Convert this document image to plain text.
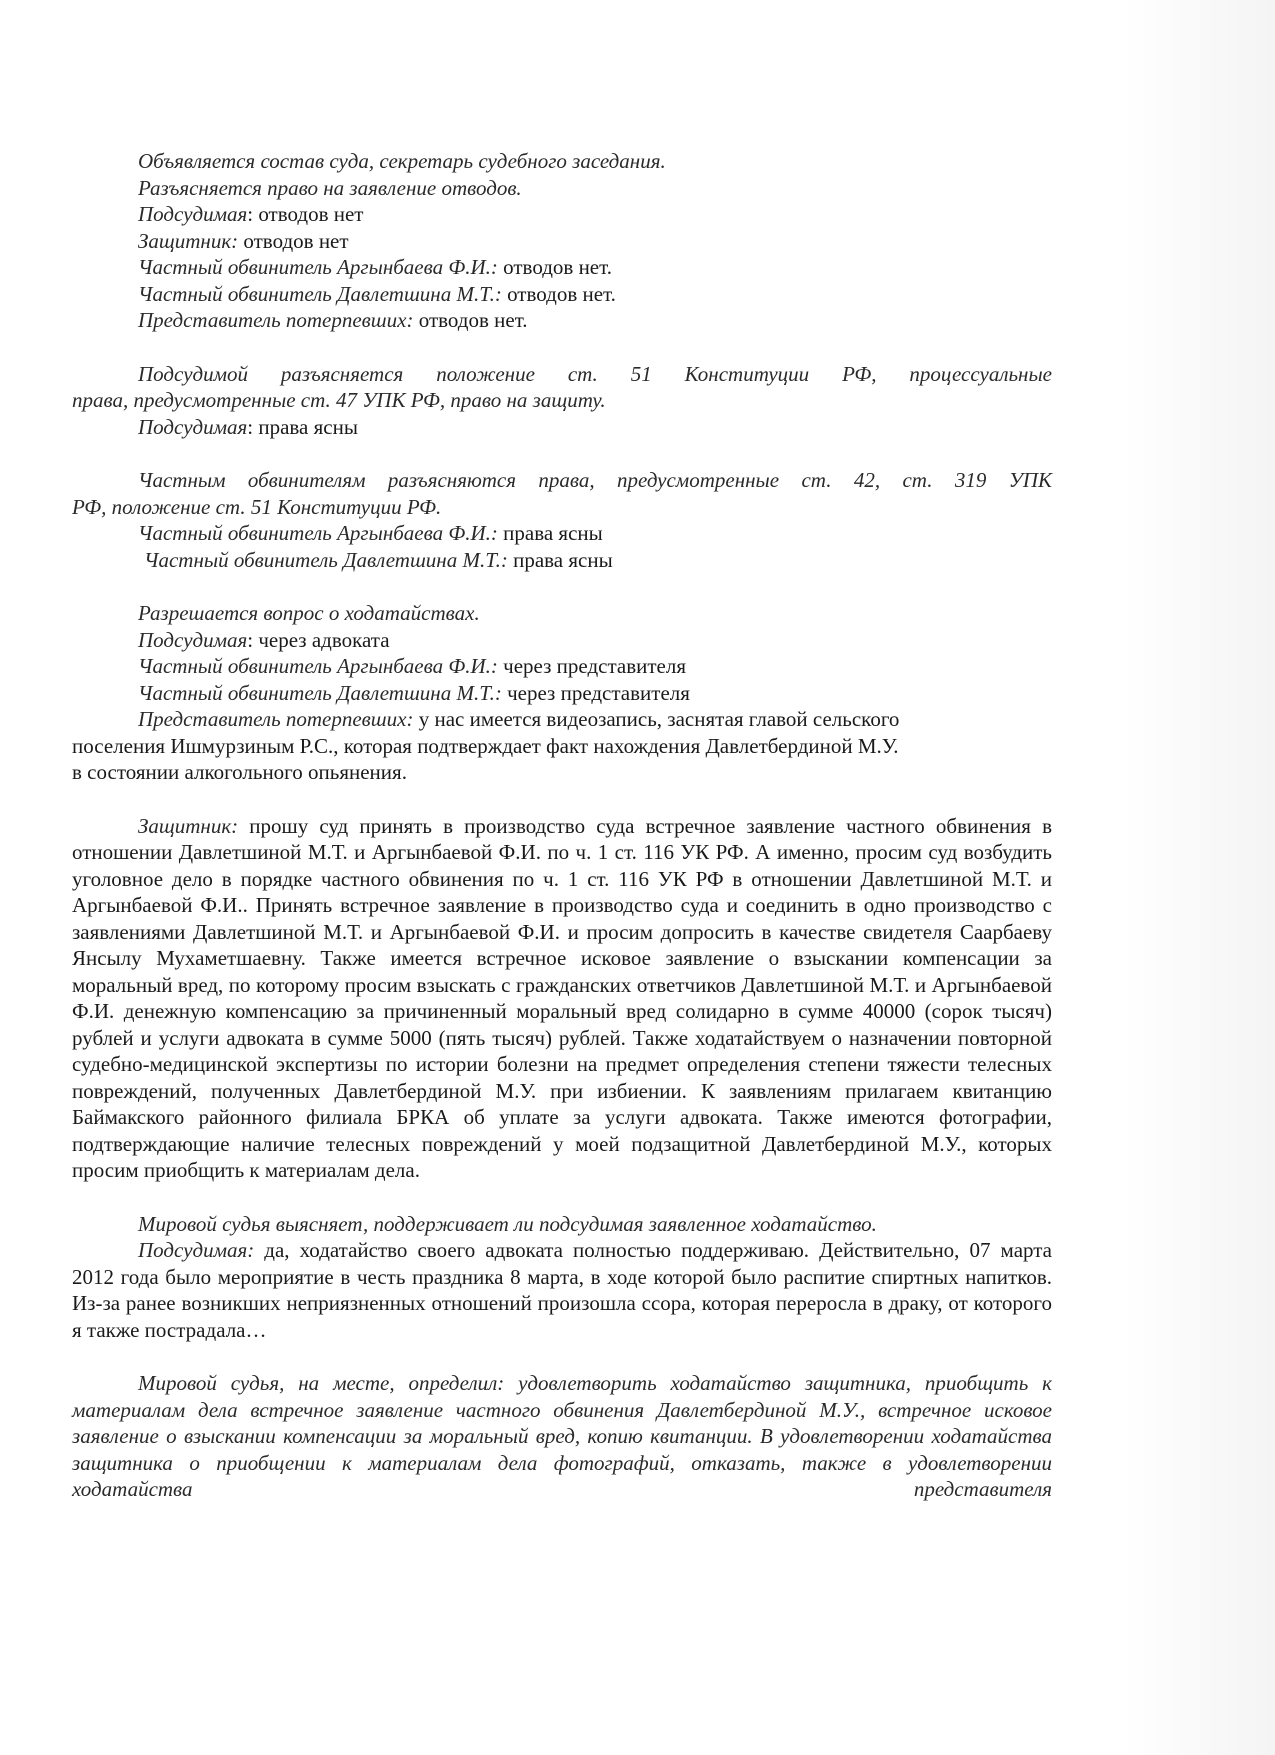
Объявляется состав суда, секретарь судебного заседания.
Разъясняется право на заявление отводов.
Подсудимая: отводов нет
Защитник: отводов нет
Частный обвинитель Аргынбаева Ф.И.: отводов нет.
Частный обвинитель Давлетшина М.Т.: отводов нет.
Представитель потерпевших: отводов нет.
Подсудимой разъясняется положение ст. 51 Конституции РФ, процессуальные
права, предусмотренные ст. 47 УПК РФ, право на защиту.
Подсудимая: права ясны
Частным обвинителям разъясняются права, предусмотренные ст. 42, ст. 319 УПК
РФ, положение ст. 51 Конституции РФ.
Частный обвинитель Аргынбаева Ф.И.: права ясны
Частный обвинитель Давлетшина М.Т.: права ясны
Разрешается вопрос о ходатайствах.
Подсудимая: через адвоката
Частный обвинитель Аргынбаева Ф.И.: через представителя
Частный обвинитель Давлетшина М.Т.: через представителя
Представитель потерпевших: у нас имеется видеозапись, заснятая главой сельского
поселения Ишмурзиным Р.С., которая подтверждает факт нахождения Давлетбердиной М.У.
в состоянии алкогольного опьянения.
Защитник: прошу суд принять в производство суда встречное заявление частного обвинения в отношении Давлетшиной М.Т. и Аргынбаевой Ф.И. по ч. 1 ст. 116 УК РФ. А именно, просим суд возбудить уголовное дело в порядке частного обвинения по ч. 1 ст. 116 УК РФ в отношении Давлетшиной М.Т. и Аргынбаевой Ф.И.. Принять встречное заявление в производство суда и соединить в одно производство с заявлениями Давлетшиной М.Т. и Аргынбаевой Ф.И. и просим допросить в качестве свидетеля Саарбаеву Янсылу Мухаметшаевну. Также имеется встречное исковое заявление о взыскании компенсации за моральный вред, по которому просим взыскать с гражданских ответчиков Давлетшиной М.Т. и Аргынбаевой Ф.И. денежную компенсацию за причиненный моральный вред солидарно в сумме 40000 (сорок тысяч) рублей и услуги адвоката в сумме 5000 (пять тысяч) рублей. Также ходатайствуем о назначении повторной судебно-медицинской экспертизы по истории болезни на предмет определения степени тяжести телесных повреждений, полученных Давлетбердиной М.У. при избиении. К заявлениям прилагаем квитанцию Баймакского районного филиала БРКА об уплате за услуги адвоката. Также имеются фотографии, подтверждающие наличие телесных повреждений у моей подзащитной Давлетбердиной М.У., которых просим приобщить к материалам дела.
Мировой судья выясняет, поддерживает ли подсудимая заявленное ходатайство.
Подсудимая: да, ходатайство своего адвоката полностью поддерживаю. Действительно, 07 марта 2012 года было мероприятие в честь праздника 8 марта, в ходе которой было распитие спиртных напитков. Из-за ранее возникших неприязненных отношений произошла ссора, которая переросла в драку, от которого я также пострадала…
Мировой судья, на месте, определил: удовлетворить ходатайство защитника, приобщить к материалам дела встречное заявление частного обвинения Давлетбердиной М.У., встречное исковое заявление о взыскании компенсации за моральный вред, копию квитанции. В удовлетворении ходатайства защитника о приобщении к материалам дела фотографий, отказать, также в удовлетворении ходатайства представителя
